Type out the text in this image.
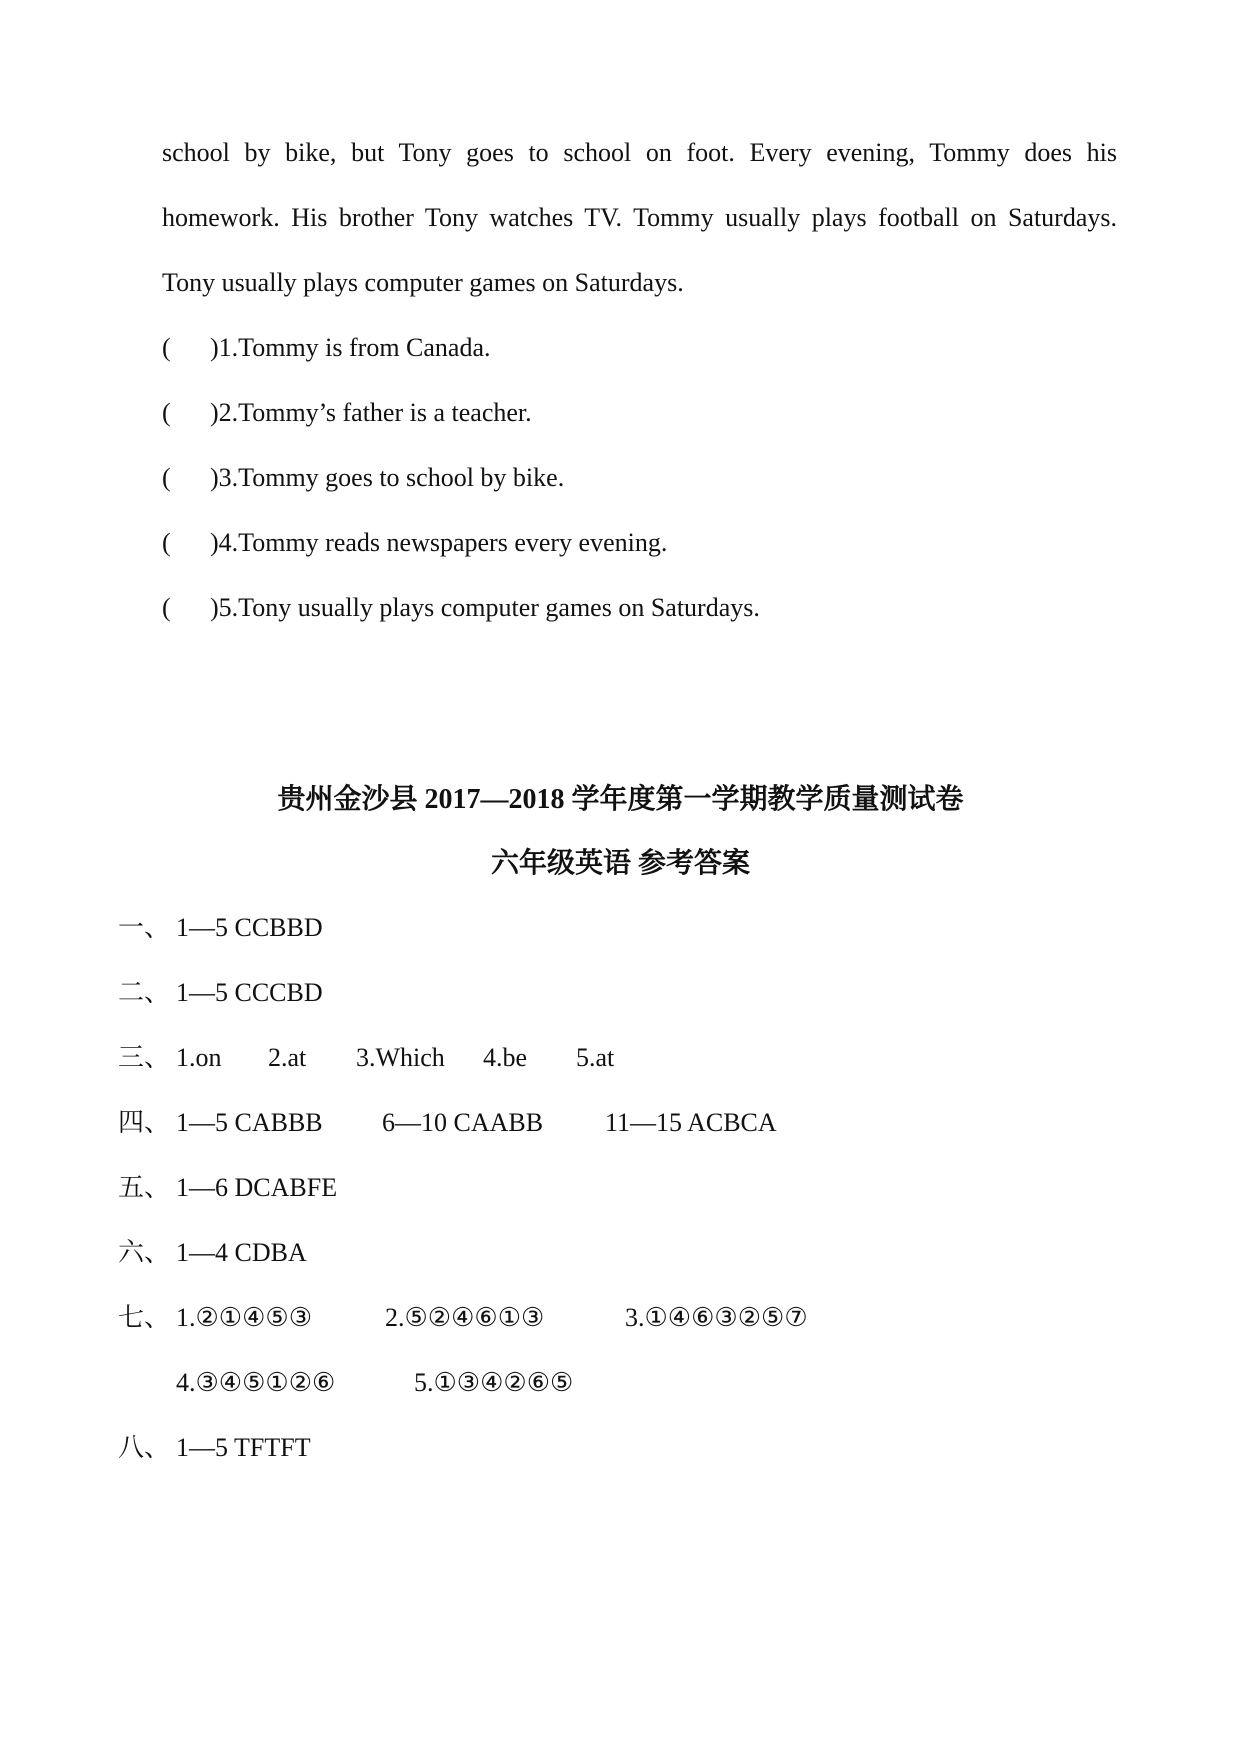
school by bike, but Tony goes to school on foot. Every evening, Tommy does his
homework. His brother Tony watches TV. Tommy usually plays football on Saturdays.
Tony usually plays computer games on Saturdays.
( )1.Tommy is from Canada.
( )2.Tommy’s father is a teacher.
( )3.Tommy goes to school by bike.
( )4.Tommy reads newspapers every evening.
( )5.Tony usually plays computer games on Saturdays.
贵州金沙县 2017—2018 学年度第一学期教学质量测试卷
六年级英语 参考答案
一、 1—5 CCBBD
二、 1—5 CCCBD
三、 1.on 2.at 3.Which 4.be 5.at
四、 1—5 CABBB 6—10 CAABB 11—15 ACBCA
五、 1—6 DCABFE
六、 1—4 CDBA
七、 1.②①④⑤③	2.⑤②④⑥①③	3.①④⑥③②⑤⑦
4.③④⑤①②⑥	5.①③④②⑥⑤
八、 1—5 TFTFT
